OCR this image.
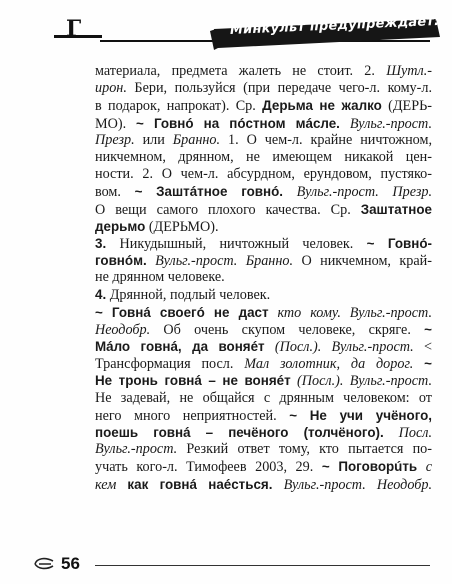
Г	Минкульт предупреждает:
материала, предмета жалеть не стоит. 2. Шутл.-
ирон. Бери, пользуйся (при передаче чего-л. кому-л.
в подарок, напрокат). Ср. Дерьма не жалко (ДЕРЬ-
МО). ~ Говнó на пóстном мáсле. Вульг.-прост.
Презр. или Бранно. 1. О чем-л. крайне ничтожном,
никчемном, дрянном, не имеющем никакой цен-
ности. 2. О чем-л. абсурдном, ерундовом, пустяко-
вом. ~ Заштáтное говнó. Вульг.-прост. Презр.
О вещи самого плохого качества. Ср. Заштатное
дерьмо (ДЕРЬМО).
3. Никудышный, ничтожный человек. ~ Говнó-
говнóм. Вульг.-прост. Бранно. О никчемном, край-
не дрянном человеке.
4. Дрянной, подлый человек.
~ Говнá своегó не даст кто кому. Вульг.-прост.
Неодобр. Об очень скупом человеке, скряге. ~
Мáло говнá, да воняéт (Посл.). Вульг.-прост. <
Трансформация посл. Мал золотник, да дорог. ~
Не тронь говнá – не воняéт (Посл.). Вульг.-прост.
Не задевай, не общайся с дрянным человеком: от
него много неприятностей. ~ Не учи учёного,
поешь говнá – печёного (толчёного). Посл.
Вульг.-прост. Резкий ответ тому, кто пытается по-
учать кого-л. Тимофеев 2003, 29. ~ Поговорúть с
кем как говнá наéсться. Вульг.-прост. Неодобр.
56
